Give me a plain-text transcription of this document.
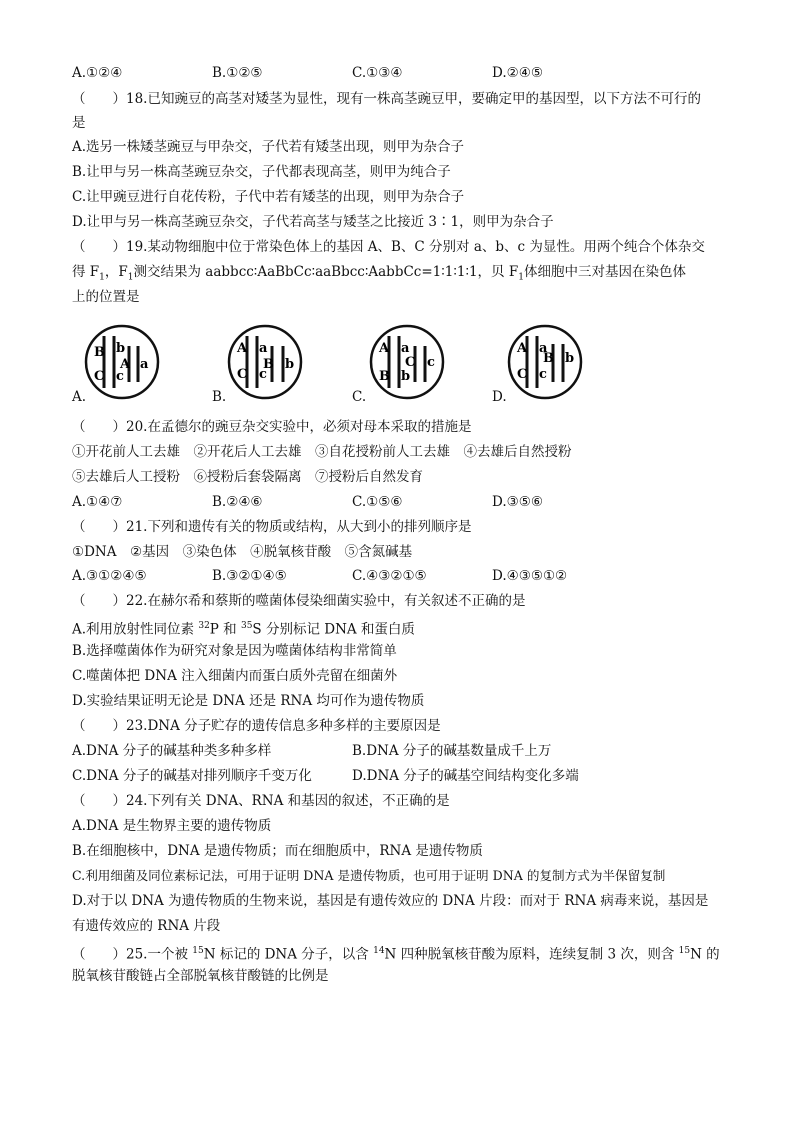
A.①②④	B.①②⑤	C.①③④	D.②④⑤
（　　）18.已知豌豆的高茎对矮茎为显性，现有一株高茎豌豆甲，要确定甲的基因型，以下方法不可行的
是
A.选另一株矮茎豌豆与甲杂交，子代若有矮茎出现，则甲为杂合子
B.让甲与另一株高茎豌豆杂交，子代都表现高茎，则甲为纯合子
C.让甲豌豆进行自花传粉，子代中若有矮茎的出现，则甲为杂合子
D.让甲与另一株高茎豌豆杂交，子代若高茎与矮茎之比接近 3∶1，则甲为杂合子
（　　）19.某动物细胞中位于常染色体上的基因 A、B、C 分别对 a、b、c 为显性。用两个纯合个体杂交
得 $F_1$，$F_1$测交结果为 aabbcc∶AaBbCc∶aaBbcc∶AabbCc=1∶1∶1∶1，贝 $F_1$体细胞中三对基因在染色体
上的位置是
B b
C c
A a
A a
C c
B b
A a
C c
B b
A a
C c
B b
A.	B.	C.	D.
（　　）20.在孟德尔的豌豆杂交实验中，必须对母本采取的措施是
①开花前人工去雄　②开花后人工去雄　③自花授粉前人工去雄　④去雄后自然授粉
⑤去雄后人工授粉　⑥授粉后套袋隔离　⑦授粉后自然发育
A.①④⑦	B.②④⑥	C.①⑤⑥	D.③⑤⑥
（　　）21.下列和遗传有关的物质或结构，从大到小的排列顺序是
①DNA　②基因　③染色体　④脱氧核苷酸　⑤含氮碱基
A.③①②④⑤	B.③②①④⑤	C.④③②①⑤	D.④③⑤①②
（　　）22.在赫尔希和蔡斯的噬菌体侵染细菌实验中，有关叙述不正确的是
A.利用放射性同位素 $^{32}$P 和 $^{35}$S 分别标记 DNA 和蛋白质
B.选择噬菌体作为研究对象是因为噬菌体结构非常简单
C.噬菌体把 DNA 注入细菌内而蛋白质外壳留在细菌外
D.实验结果证明无论是 DNA 还是 RNA 均可作为遗传物质
（　　）23.DNA 分子贮存的遗传信息多种多样的主要原因是
A.DNA 分子的碱基种类多种多样	B.DNA 分子的碱基数量成千上万
C.DNA 分子的碱基对排列顺序千变万化	D.DNA 分子的碱基空间结构变化多端
（　　）24.下列有关 DNA、RNA 和基因的叙述，不正确的是
A.DNA 是生物界主要的遗传物质
B.在细胞核中，DNA 是遗传物质；而在细胞质中，RNA 是遗传物质
C.利用细菌及同位素标记法，可用于证明 DNA 是遗传物质，也可用于证明 DNA 的复制方式为半保留复制
D.对于以 DNA 为遗传物质的生物来说，基因是有遗传效应的 DNA 片段：而对于 RNA 病毒来说，基因是
有遗传效应的 RNA 片段
（　　）25.一个被 $^{15}$N 标记的 DNA 分子，以含 $^{14}$N 四种脱氧核苷酸为原料，连续复制 3 次，则含 $^{15}$N 的
脱氧核苷酸链占全部脱氧核苷酸链的比例是
